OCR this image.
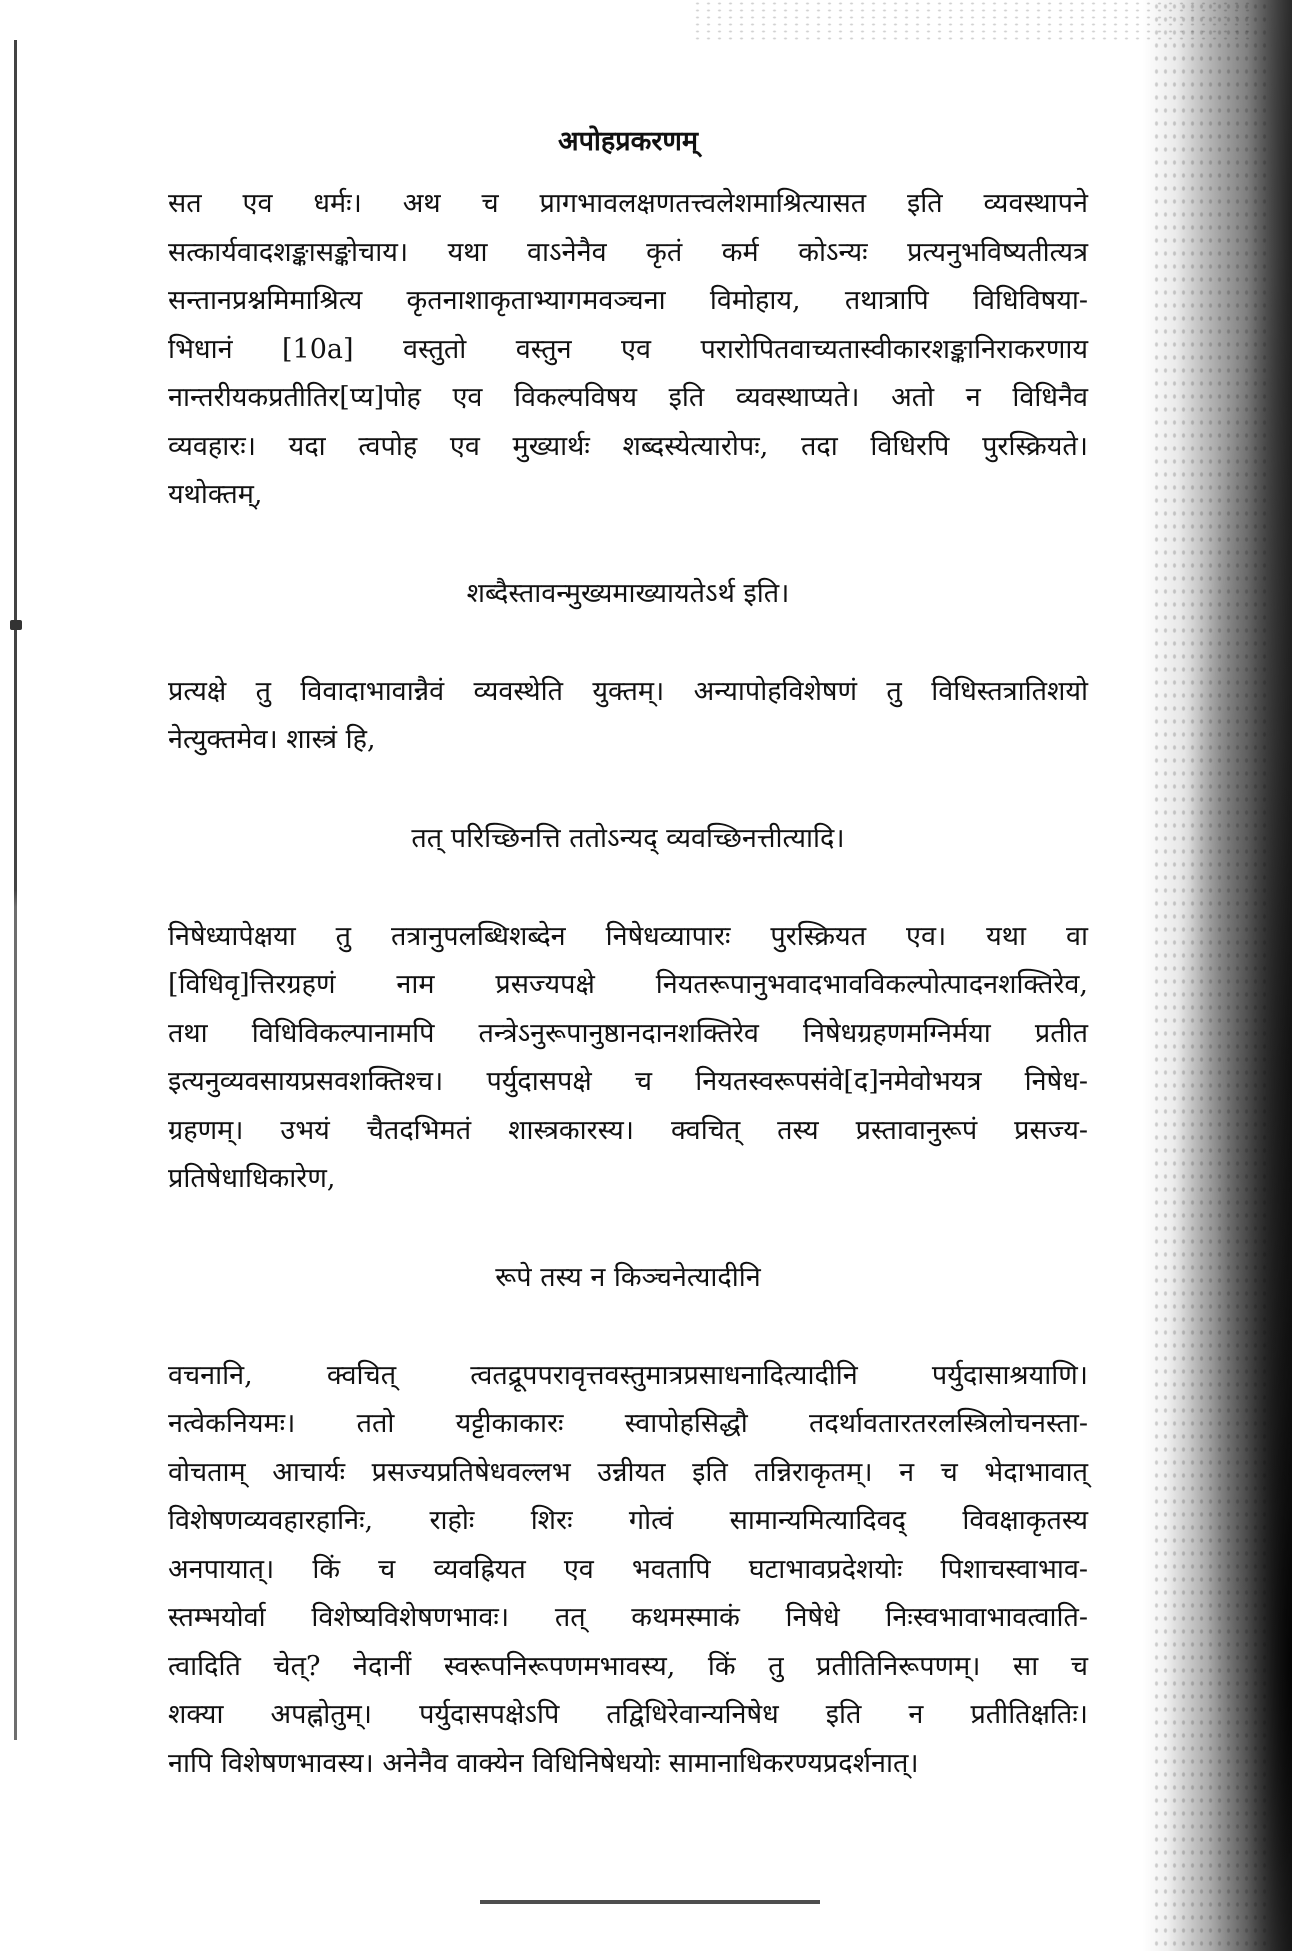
अपोहप्रकरणम्
सत एव धर्मः। अथ च प्रागभावलक्षणतत्त्वलेशमाश्रित्यासत इति व्यवस्थापने
सत्कार्यवादशङ्कासङ्कोचाय। यथा वाऽनेनैव कृतं कर्म कोऽन्यः प्रत्यनुभविष्यतीत्यत्र
सन्तानप्रश्नमिमाश्रित्य कृतनाशाकृताभ्यागमवञ्चना विमोहाय, तथात्रापि विधिविषया-
भिधानं [10a] वस्तुतो वस्तुन एव परारोपितवाच्यतास्वीकारशङ्कानिराकरणाय
नान्तरीयकप्रतीतिर[प्य]पोह एव विकल्पविषय इति व्यवस्थाप्यते। अतो न विधिनैव
व्यवहारः। यदा त्वपोह एव मुख्यार्थः शब्दस्येत्यारोपः, तदा विधिरपि पुरस्क्रियते।
यथोक्तम्,
शब्दैस्तावन्मुख्यमाख्यायतेऽर्थ इति।
प्रत्यक्षे तु विवादाभावान्नैवं व्यवस्थेति युक्तम्। अन्यापोहविशेषणं तु विधिस्तत्रातिशयो
नेत्युक्तमेव। शास्त्रं हि,
तत् परिच्छिनत्ति ततोऽन्यद् व्यवच्छिनत्तीत्यादि।
निषेध्यापेक्षया तु तत्रानुपलब्धिशब्देन निषेधव्यापारः पुरस्क्रियत एव। यथा वा
[विधिवृ]त्तिरग्रहणं नाम प्रसज्यपक्षे नियतरूपानुभवादभावविकल्पोत्पादनशक्तिरेव,
तथा विधिविकल्पानामपि तन्त्रेऽनुरूपानुष्ठानदानशक्तिरेव निषेधग्रहणमग्निर्मया प्रतीत
इत्यनुव्यवसायप्रसवशक्तिश्च। पर्युदासपक्षे च नियतस्वरूपसंवे[द]नमेवोभयत्र निषेध-
ग्रहणम्। उभयं चैतदभिमतं शास्त्रकारस्य। क्वचित् तस्य प्रस्तावानुरूपं प्रसज्य-
प्रतिषेधाधिकारेण,
रूपे तस्य न किञ्चनेत्यादीनि
वचनानि, क्वचित् त्वतद्रूपपरावृत्तवस्तुमात्रप्रसाधनादित्यादीनि पर्युदासाश्रयाणि।
नत्वेकनियमः। ततो यट्टीकाकारः स्वापोहसिद्धौ तदर्थावतारतरलस्त्रिलोचनस्ता-
वोचताम् आचार्यः प्रसज्यप्रतिषेधवल्लभ उन्नीयत इति तन्निराकृतम्। न च भेदाभावात्
विशेषणव्यवहारहानिः, राहोः शिरः गोत्वं सामान्यमित्यादिवद् विवक्षाकृतस्य
अनपायात्। किं च व्यवह्रियत एव भवतापि घटाभावप्रदेशयोः पिशाचस्वाभाव-
स्तम्भयोर्वा विशेष्यविशेषणभावः। तत् कथमस्माकं निषेधे निःस्वभावाभावत्वाति-
त्वादिति चेत्? नेदानीं स्वरूपनिरूपणमभावस्य, किं तु प्रतीतिनिरूपणम्। सा च
शक्या अपह्नोतुम्। पर्युदासपक्षेऽपि तद्विधिरेवान्यनिषेध इति न प्रतीतिक्षतिः।
नापि विशेषणभावस्य। अनेनैव वाक्येन विधिनिषेधयोः सामानाधिकरण्यप्रदर्शनात्।
